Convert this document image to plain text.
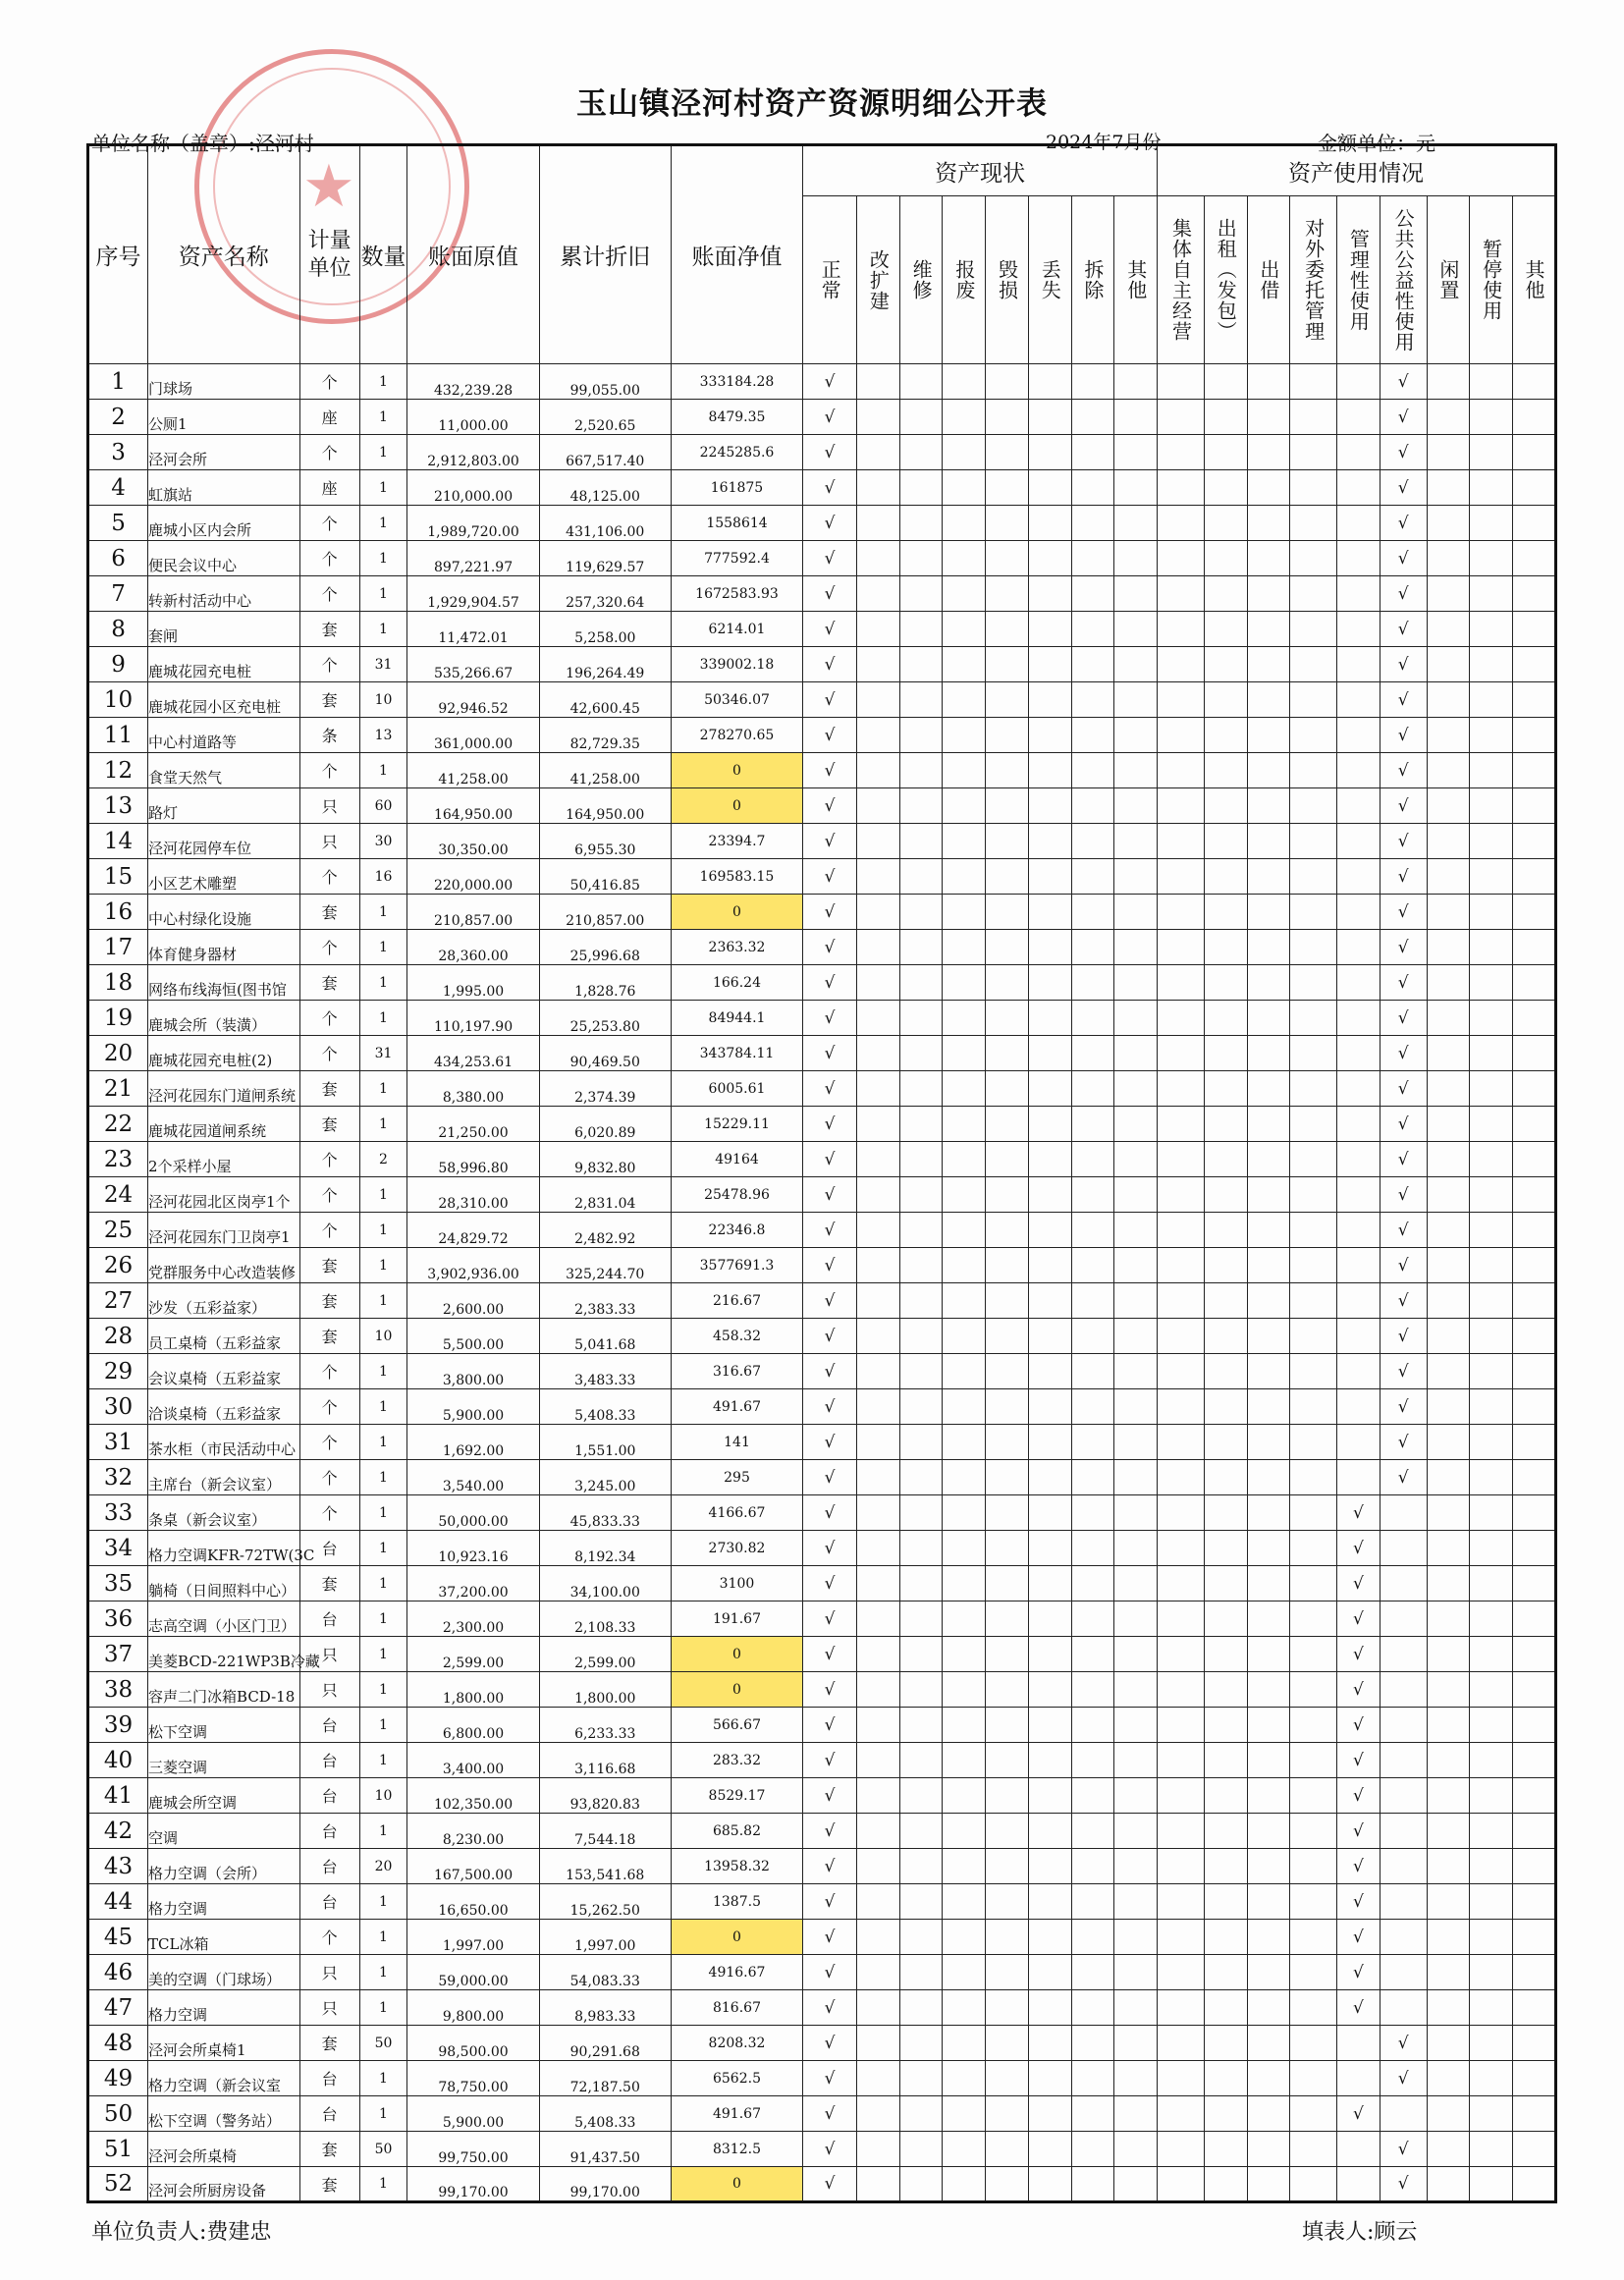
★
玉山镇泾河村资产资源明细公开表
单位名称（盖章）:泾河村	2024年7月份	金额单位：元
序号	资产名称	计量单位	数量	账面原值	累计折旧	账面净值	资产现状								资产使用情况								

							正常	改扩建	维修	报废	毁损	丢失	拆除	其他	集体自主经营	出租（发包）	出借	对外委托管理	管理性使用	公共公益性使用	闲置	暂停使用	其他

1	门球场	个	1	432,239.28	99,055.00	333184.28	√													√			
2	公厕1	座	1	11,000.00	2,520.65	8479.35	√													√			
3	泾河会所	个	1	2,912,803.00	667,517.40	2245285.6	√													√			
4	虹旗站	座	1	210,000.00	48,125.00	161875	√													√			
5	鹿城小区内会所	个	1	1,989,720.00	431,106.00	1558614	√													√			
6	便民会议中心	个	1	897,221.97	119,629.57	777592.4	√													√			
7	转新村活动中心	个	1	1,929,904.57	257,320.64	1672583.93	√													√			
8	套闸	套	1	11,472.01	5,258.00	6214.01	√													√			
9	鹿城花园充电桩	个	31	535,266.67	196,264.49	339002.18	√													√			
10	鹿城花园小区充电桩	套	10	92,946.52	42,600.45	50346.07	√													√			
11	中心村道路等	条	13	361,000.00	82,729.35	278270.65	√													√			
12	食堂天然气	个	1	41,258.00	41,258.00	0	√													√			
13	路灯	只	60	164,950.00	164,950.00	0	√													√			
14	泾河花园停车位	只	30	30,350.00	6,955.30	23394.7	√													√			
15	小区艺术雕塑	个	16	220,000.00	50,416.85	169583.15	√													√			
16	中心村绿化设施	套	1	210,857.00	210,857.00	0	√													√			
17	体育健身器材	个	1	28,360.00	25,996.68	2363.32	√													√			
18	网络布线海恒(图书馆	套	1	1,995.00	1,828.76	166.24	√													√			
19	鹿城会所（装潢）	个	1	110,197.90	25,253.80	84944.1	√													√			
20	鹿城花园充电桩(2)	个	31	434,253.61	90,469.50	343784.11	√													√			
21	泾河花园东门道闸系统	套	1	8,380.00	2,374.39	6005.61	√													√			
22	鹿城花园道闸系统	套	1	21,250.00	6,020.89	15229.11	√													√			
23	2个采样小屋	个	2	58,996.80	9,832.80	49164	√													√			
24	泾河花园北区岗亭1个	个	1	28,310.00	2,831.04	25478.96	√													√			
25	泾河花园东门卫岗亭1	个	1	24,829.72	2,482.92	22346.8	√													√			
26	党群服务中心改造装修	套	1	3,902,936.00	325,244.70	3577691.3	√													√			
27	沙发（五彩益家）	套	1	2,600.00	2,383.33	216.67	√													√			
28	员工桌椅（五彩益家	套	10	5,500.00	5,041.68	458.32	√													√			
29	会议桌椅（五彩益家	个	1	3,800.00	3,483.33	316.67	√													√			
30	洽谈桌椅（五彩益家	个	1	5,900.00	5,408.33	491.67	√													√			
31	茶水柜（市民活动中心	个	1	1,692.00	1,551.00	141	√													√			
32	主席台（新会议室）	个	1	3,540.00	3,245.00	295	√													√			
33	条桌（新会议室）	个	1	50,000.00	45,833.33	4166.67	√												√				
34	格力空调KFR-72TW(3C	台	1	10,923.16	8,192.34	2730.82	√												√				
35	躺椅（日间照料中心）	套	1	37,200.00	34,100.00	3100	√												√				
36	志高空调（小区门卫）	台	1	2,300.00	2,108.33	191.67	√												√				
37	美菱BCD-221WP3B冷藏	只	1	2,599.00	2,599.00	0	√												√				
38	容声二门冰箱BCD-18	只	1	1,800.00	1,800.00	0	√												√				
39	松下空调	台	1	6,800.00	6,233.33	566.67	√												√				
40	三菱空调	台	1	3,400.00	3,116.68	283.32	√												√				
41	鹿城会所空调	台	10	102,350.00	93,820.83	8529.17	√												√				
42	空调	台	1	8,230.00	7,544.18	685.82	√												√				
43	格力空调（会所）	台	20	167,500.00	153,541.68	13958.32	√												√				
44	格力空调	台	1	16,650.00	15,262.50	1387.5	√												√				
45	TCL冰箱	个	1	1,997.00	1,997.00	0	√												√				
46	美的空调（门球场）	只	1	59,000.00	54,083.33	4916.67	√												√				
47	格力空调	只	1	9,800.00	8,983.33	816.67	√												√				
48	泾河会所桌椅1	套	50	98,500.00	90,291.68	8208.32	√													√			
49	格力空调（新会议室	台	1	78,750.00	72,187.50	6562.5	√													√			
50	松下空调（警务站）	台	1	5,900.00	5,408.33	491.67	√												√				
51	泾河会所桌椅	套	50	99,750.00	91,437.50	8312.5	√													√			
52	泾河会所厨房设备	套	1	99,170.00	99,170.00	0	√													√			
单位负责人:费建忠	填表人:顾云
